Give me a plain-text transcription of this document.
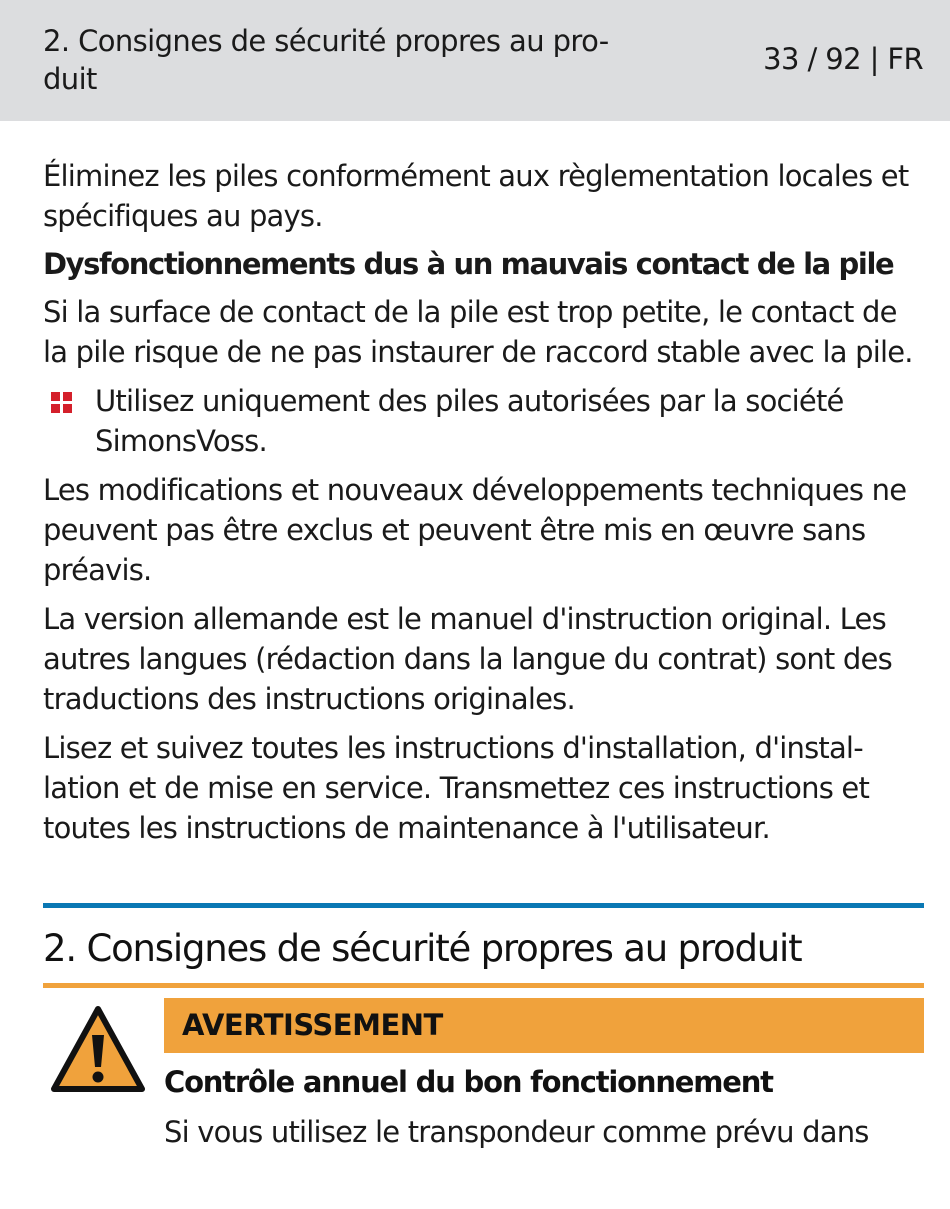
2. Consignes de sécurité propres au pro-duit
33 / 92 | FR

Éliminez les piles conformément aux règlementation locales et spécifiques au pays.

Dysfonctionnements dus à un mauvais contact de la pile

Si la surface de contact de la pile est trop petite, le contact de la pile risque de ne pas instaurer de raccord stable avec la pile.

Utilisez uniquement des piles autorisées par la société SimonsVoss.

Les modifications et nouveaux développements techniques ne peuvent pas être exclus et peuvent être mis en œuvre sans préavis.

La version allemande est le manuel d'instruction original. Les autres langues (rédaction dans la langue du contrat) sont des traductions des instructions originales.

Lisez et suivez toutes les instructions d'installation, d'instal-lation et de mise en service. Transmettez ces instructions et toutes les instructions de maintenance à l'utilisateur.

2. Consignes de sécurité propres au produit
AVERTISSEMENT
Contrôle annuel du bon fonctionnement
Si vous utilisez le transpondeur comme prévu dans
